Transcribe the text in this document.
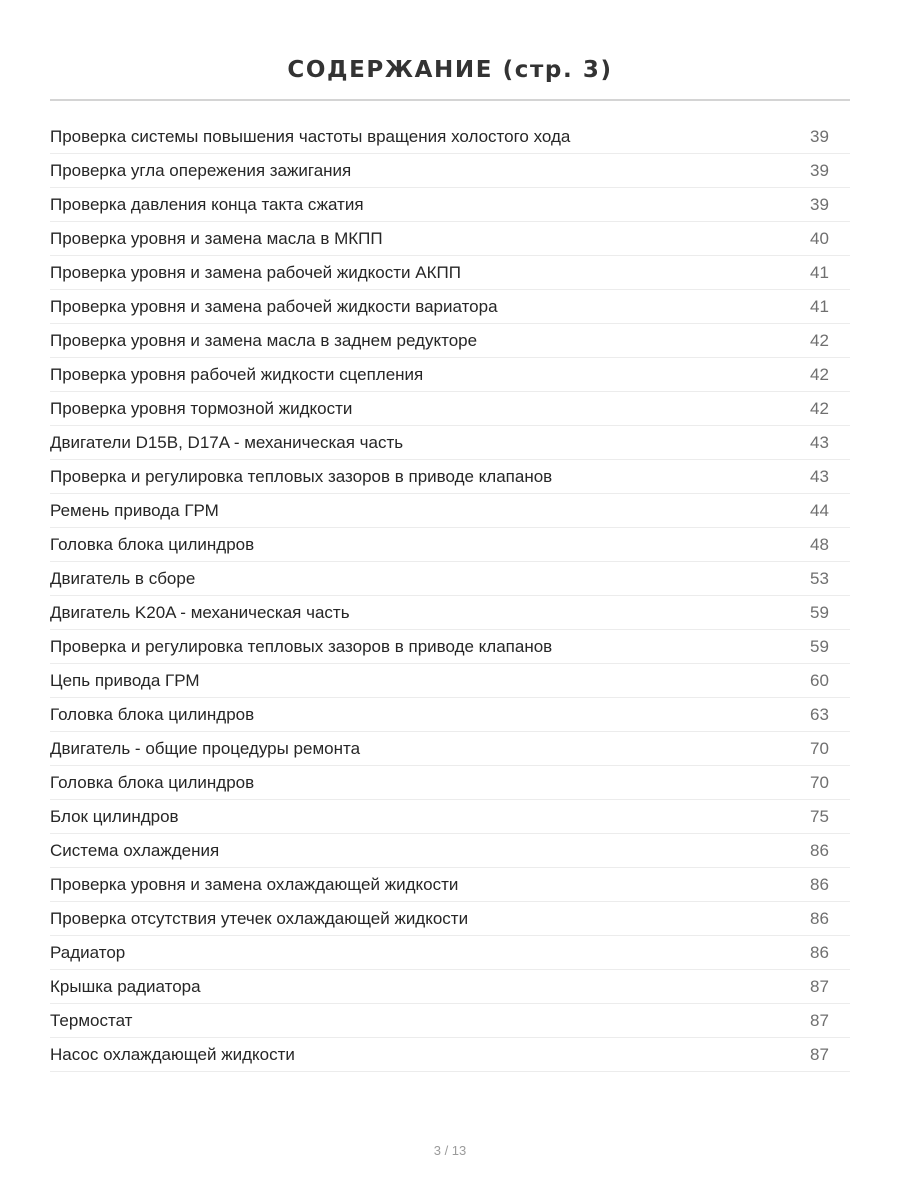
СОДЕРЖАНИЕ (стр. 3)
Проверка системы повышения частоты вращения холостого хода	39
Проверка угла опережения зажигания	39
Проверка давления конца такта сжатия	39
Проверка уровня и замена масла в МКПП	40
Проверка уровня и замена рабочей жидкости АКПП	41
Проверка уровня и замена рабочей жидкости вариатора	41
Проверка уровня и замена масла в заднем редукторе	42
Проверка уровня рабочей жидкости сцепления	42
Проверка уровня тормозной жидкости	42
Двигатели D15B, D17A - механическая часть	43
Проверка и регулировка тепловых зазоров в приводе клапанов	43
Ремень привода ГРМ	44
Головка блока цилиндров	48
Двигатель в сборе	53
Двигатель K20A - механическая часть	59
Проверка и регулировка тепловых зазоров в приводе клапанов	59
Цепь привода ГРМ	60
Головка блока цилиндров	63
Двигатель - общие процедуры ремонта	70
Головка блока цилиндров	70
Блок цилиндров	75
Система охлаждения	86
Проверка уровня и замена охлаждающей жидкости	86
Проверка отсутствия утечек охлаждающей жидкости	86
Радиатор	86
Крышка радиатора	87
Термостат	87
Насос охлаждающей жидкости	87
3 / 13
